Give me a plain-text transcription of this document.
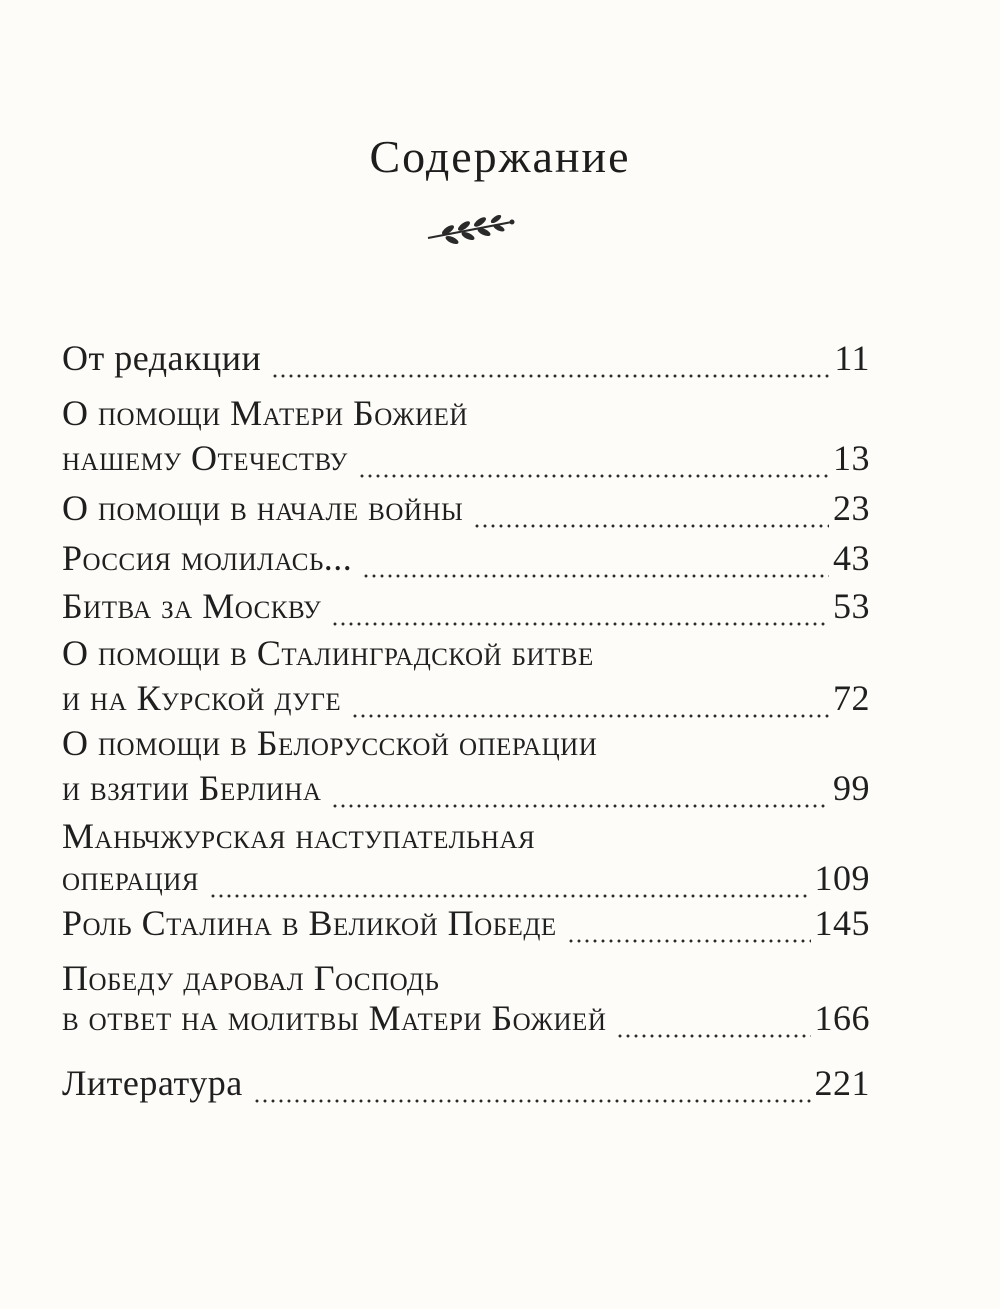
Содержание
От редакции	11
О помощи Матери Божией
нашему Отечеству	13
О помощи в начале войны	23
Россия молилась...	43
Битва за Москву	53
О помощи в Сталинградской битве
и на Курской дуге	72
О помощи в Белорусской операции
и взятии Берлина	99
Маньчжурская наступательная
операция	109
Роль Сталина в Великой Победе	145
Победу даровал Господь
в ответ на молитвы Матери Божией	166
Литература	221
